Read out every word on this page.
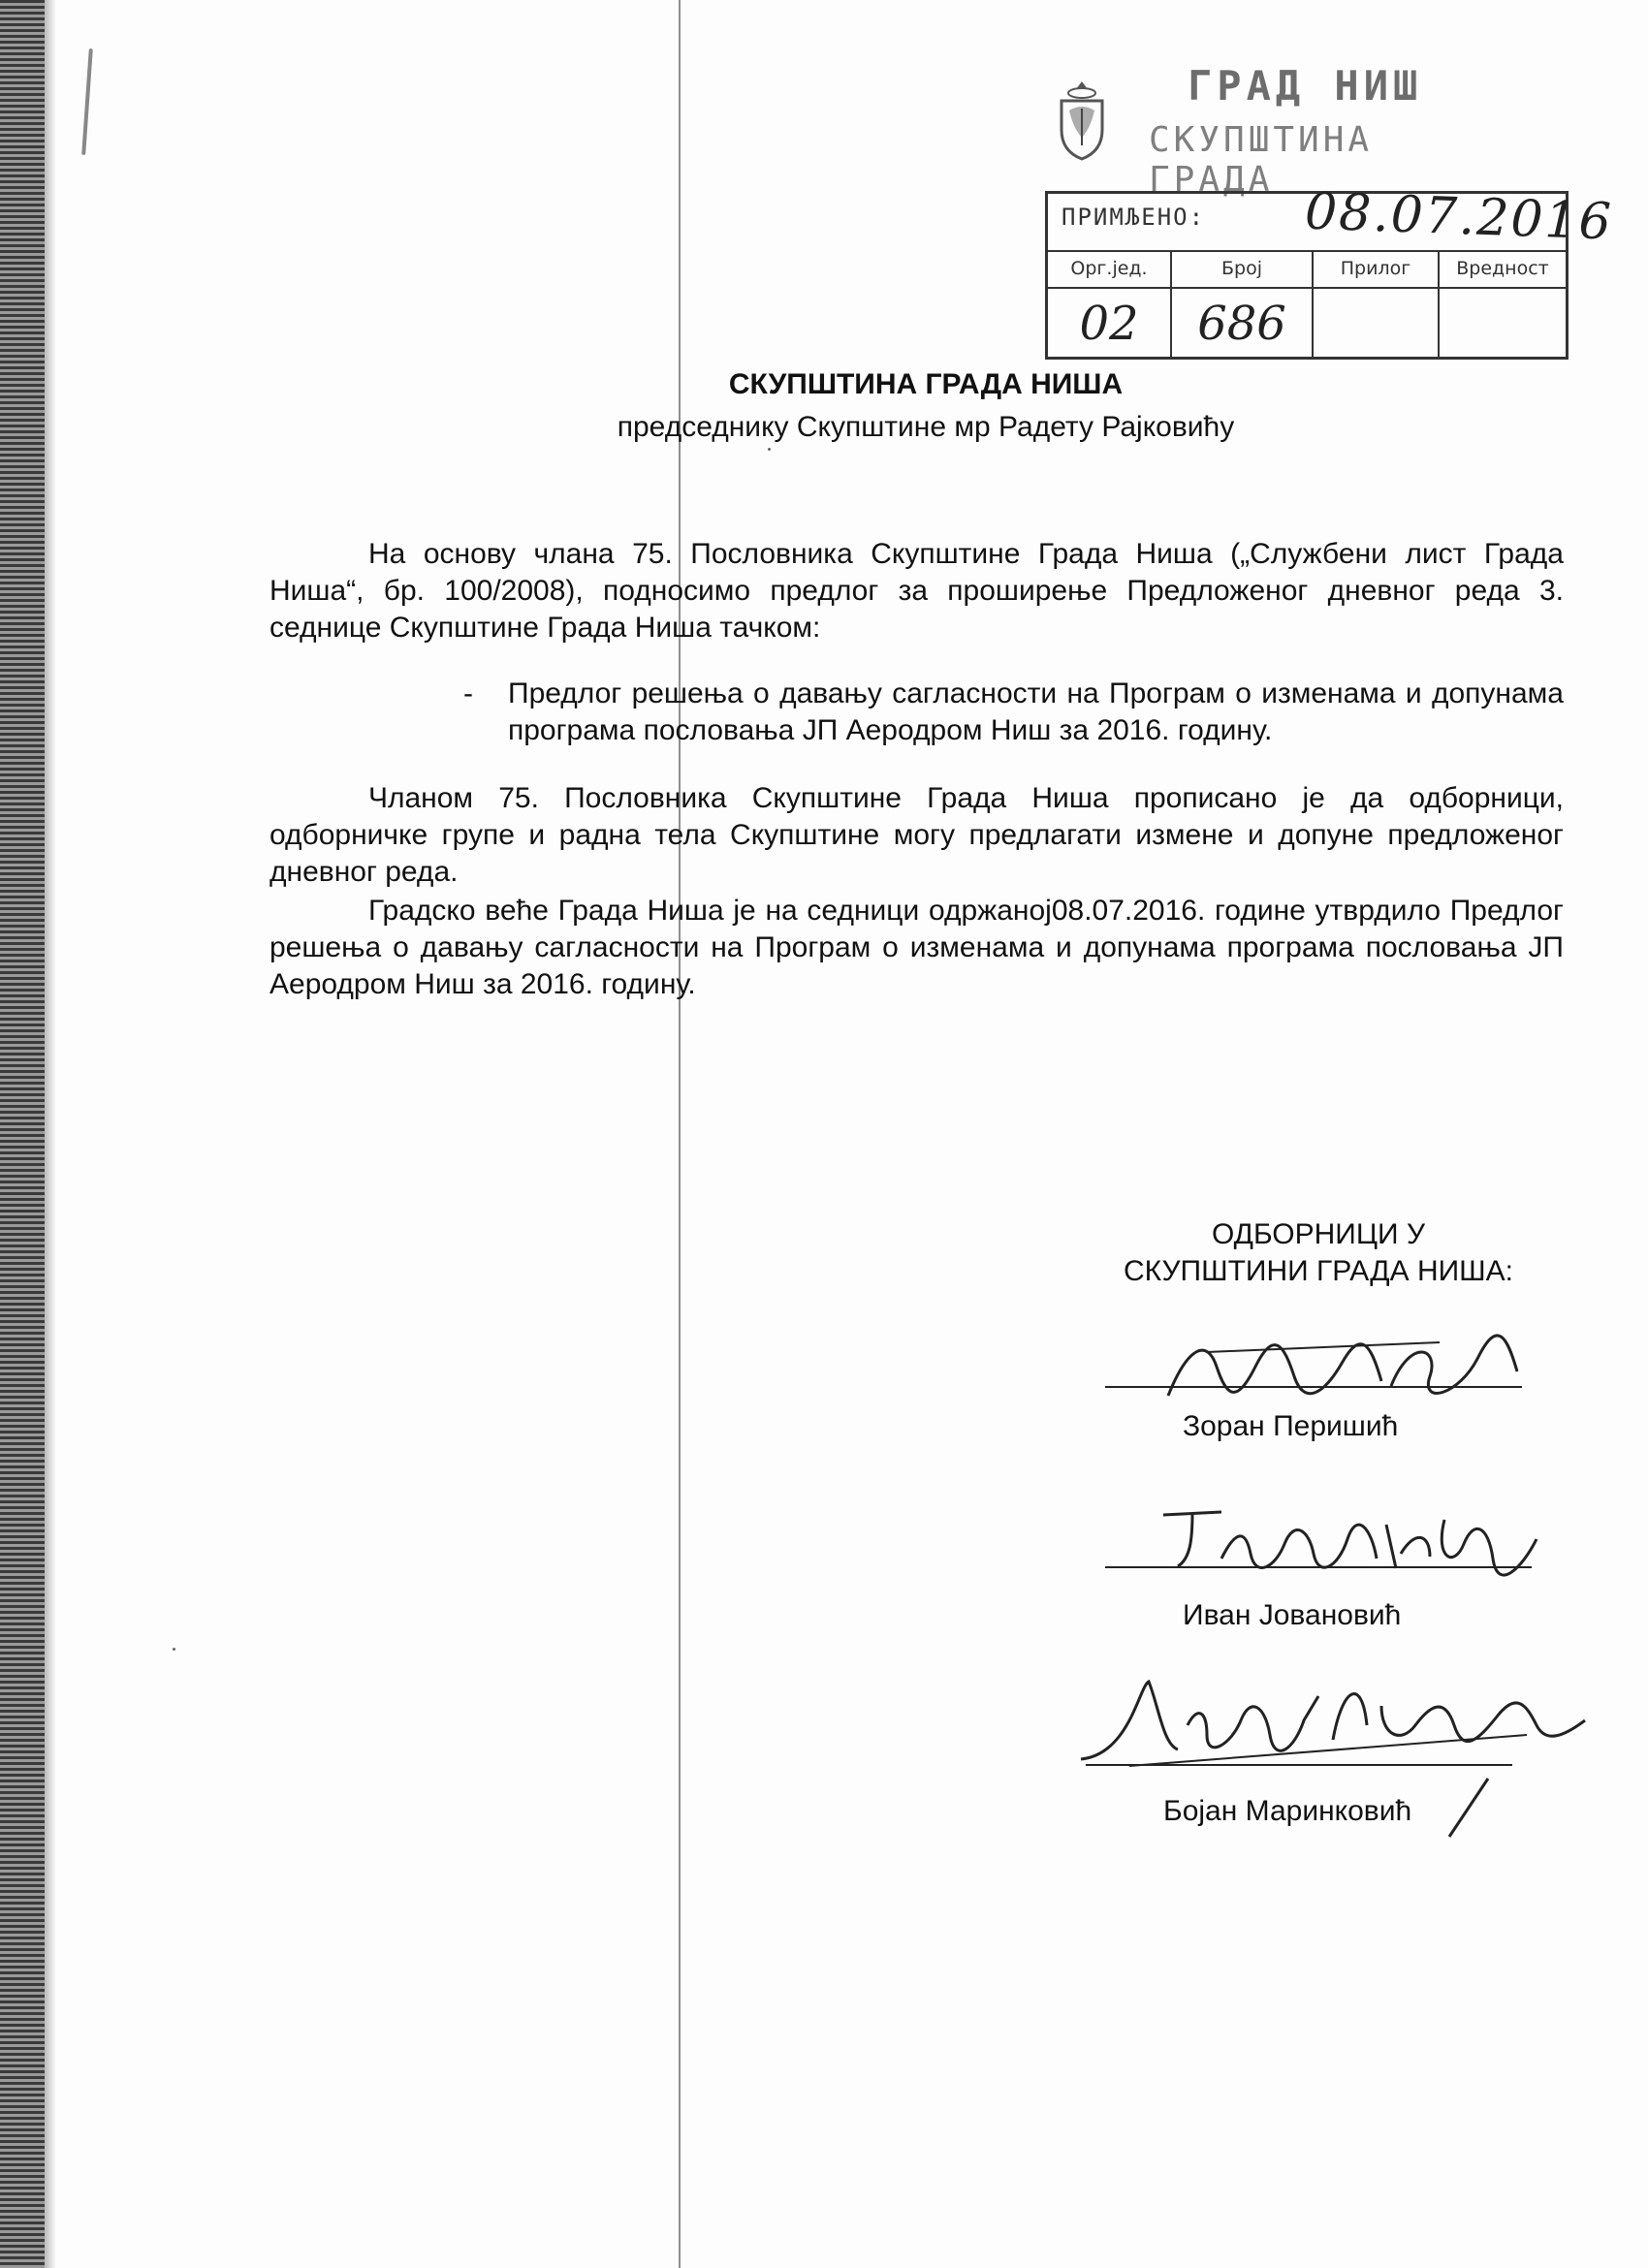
ГРАД НИШ
СКУПШТИНА ГРАДА
ПРИМЉЕНО: 08.07.2016
Орг.јед.
02
Број
686
Прилог	Вредност
СКУПШТИНА ГРАДА НИША
председнику Скупштине мр Радету Рајковићу
На основу члана 75. Пословника Скупштине Града Ниша („Службени лист Града Ниша“, бр. 100/2008), подносимо предлог за проширење Предложеног дневног реда 3. седнице Скупштине Града Ниша тачком:
- Предлог решења о давању сагласности на Програм о изменама и допунама програма пословања ЈП Аеродром Ниш за 2016. годину.
Чланом 75. Пословника Скупштине Града Ниша прописано је да одборници, одборничке групе и радна тела Скупштине могу предлагати измене и допуне предложеног дневног реда.
Градско веће Града Ниша је на седници одржаној08.07.2016. године утврдило Предлог решења о давању сагласности на Програм о изменама и допунама програма пословања ЈП Аеродром Ниш за 2016. годину.
ОДБОРНИЦИ У
СКУПШТИНИ ГРАДА НИША:
Зоран Перишић
Иван Јовановић
Бојан Маринковић
